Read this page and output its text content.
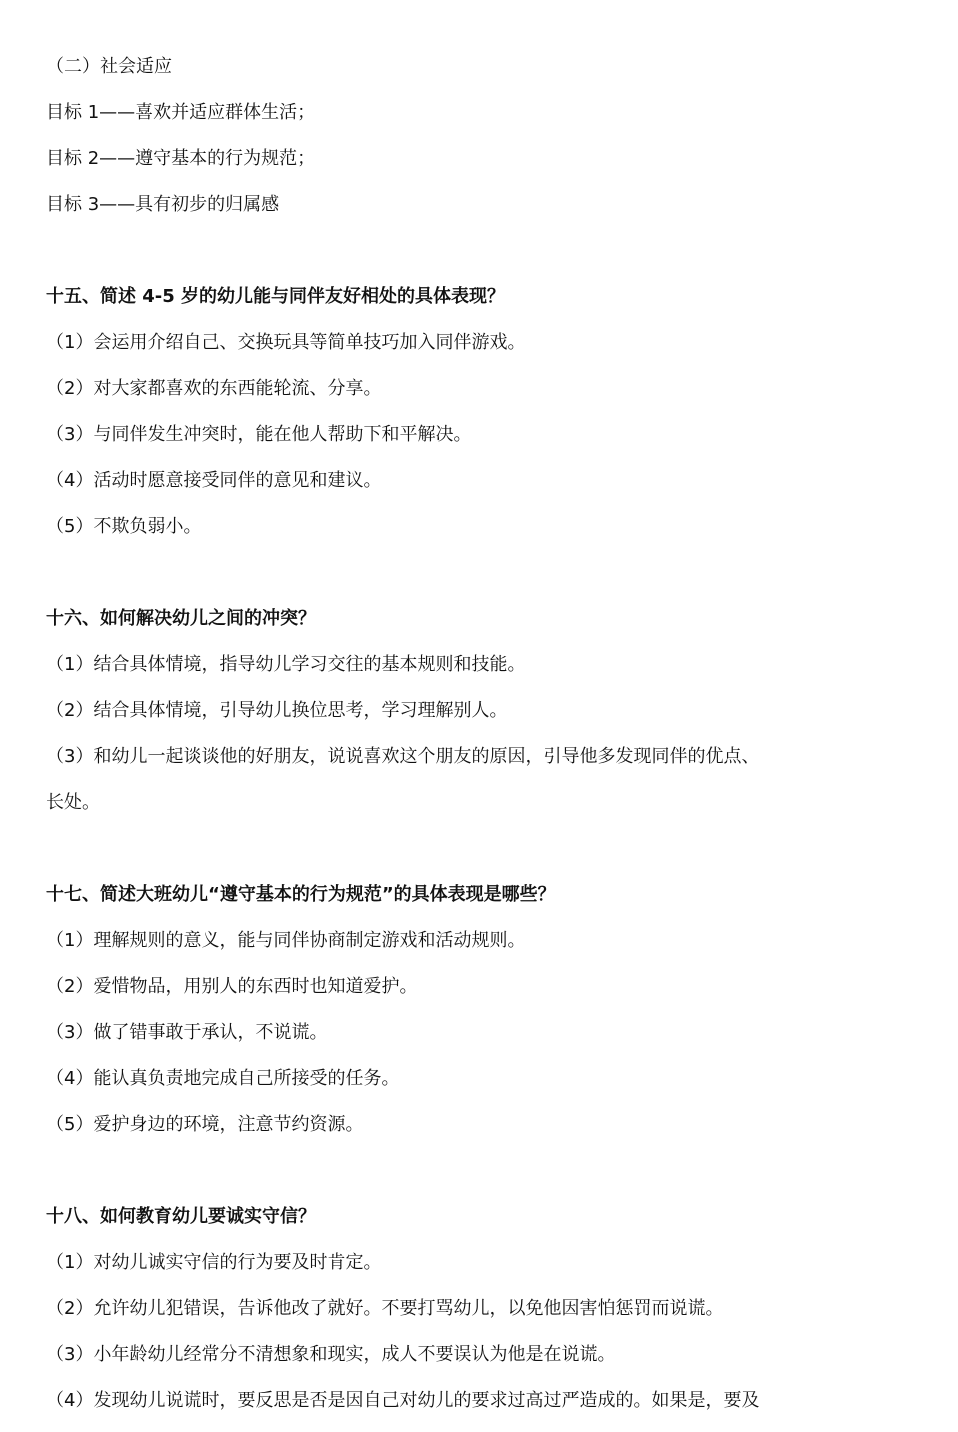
（二）社会适应
目标 1——喜欢并适应群体生活；
目标 2——遵守基本的行为规范；
目标 3——具有初步的归属感
十五、简述 4-5 岁的幼儿能与同伴友好相处的具体表现？
（1）会运用介绍自己、交换玩具等简单技巧加入同伴游戏。
（2）对大家都喜欢的东西能轮流、分享。
（3）与同伴发生冲突时，能在他人帮助下和平解决。
（4）活动时愿意接受同伴的意见和建议。
（5）不欺负弱小。
十六、如何解决幼儿之间的冲突？
（1）结合具体情境，指导幼儿学习交往的基本规则和技能。
（2）结合具体情境，引导幼儿换位思考，学习理解别人。
（3）和幼儿一起谈谈他的好朋友，说说喜欢这个朋友的原因，引导他多发现同伴的优点、
长处。
十七、简述大班幼儿“遵守基本的行为规范”的具体表现是哪些？
（1）理解规则的意义，能与同伴协商制定游戏和活动规则。
（2）爱惜物品，用别人的东西时也知道爱护。
（3）做了错事敢于承认，不说谎。
（4）能认真负责地完成自己所接受的任务。
（5）爱护身边的环境，注意节约资源。
十八、如何教育幼儿要诚实守信？
（1）对幼儿诚实守信的行为要及时肯定。
（2）允许幼儿犯错误，告诉他改了就好。不要打骂幼儿，以免他因害怕惩罚而说谎。
（3）小年龄幼儿经常分不清想象和现实，成人不要误认为他是在说谎。
（4）发现幼儿说谎时，要反思是否是因自己对幼儿的要求过高过严造成的。如果是，要及
